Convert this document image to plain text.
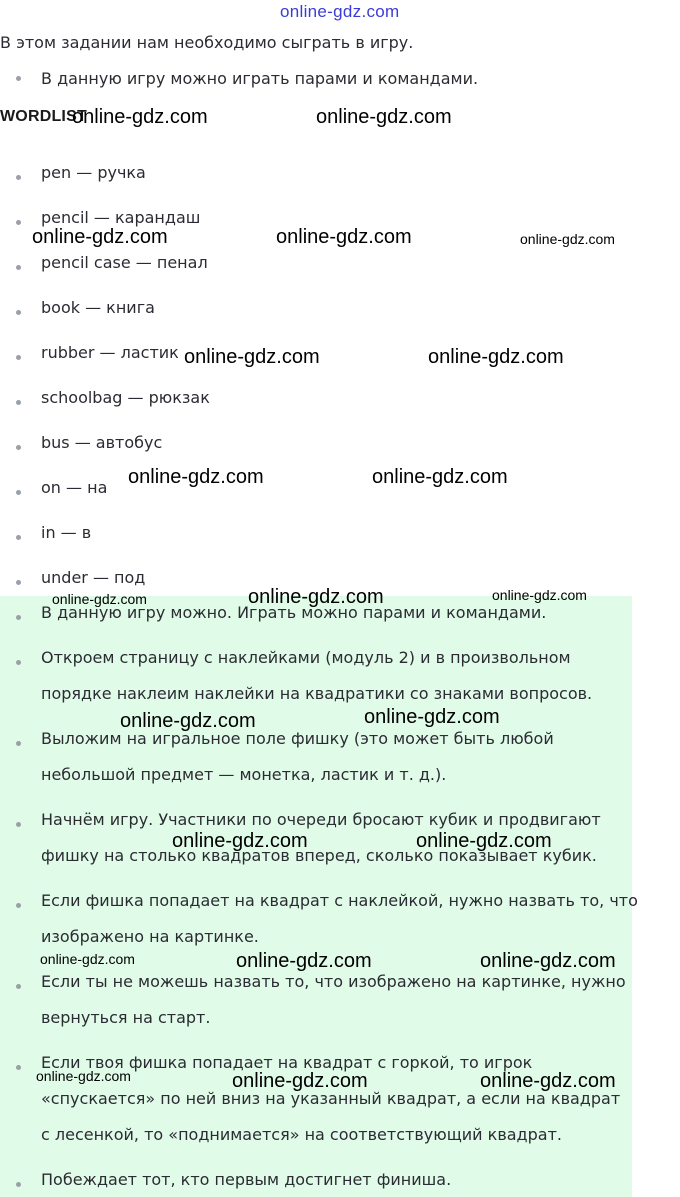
online-gdz.com
В этом задании нам необходимо сыграть в игру.
В данную игру можно играть парами и командами.
WORDLIST
pen — ручка
pencil — карандаш
pencil case — пенал
book — книга
rubber — ластик
schoolbag — рюкзак
bus — автобус
on — на
in — в
under — под
В данную игру можно. Играть можно парами и командами.
Откроем страницу с наклейками (модуль 2) и в произвольном
порядке наклеим наклейки на квадратики со знаками вопросов.
Выложим на игральное поле фишку (это может быть любой
небольшой предмет — монетка, ластик и т. д.).
Начнём игру. Участники по очереди бросают кубик и продвигают
фишку на столько квадратов вперед, сколько показывает кубик.
Если фишка попадает на квадрат с наклейкой, нужно назвать то, что
изображено на картинке.
Если ты не можешь назвать то, что изображено на картинке, нужно
вернуться на старт.
Если твоя фишка попадает на квадрат с горкой, то игрок
«спускается» по ней вниз на указанный квадрат, а если на квадрат
с лесенкой, то «поднимается» на соответствующий квадрат.
Побеждает тот, кто первым достигнет финиша.
online-gdz.com	online-gdz.com
online-gdz.com	online-gdz.com	online-gdz.com
online-gdz.com	online-gdz.com
online-gdz.com	online-gdz.com
online-gdz.com	online-gdz.com	online-gdz.com
online-gdz.com	online-gdz.com
online-gdz.com	online-gdz.com
online-gdz.com	online-gdz.com	online-gdz.com
online-gdz.com	online-gdz.com	online-gdz.com
